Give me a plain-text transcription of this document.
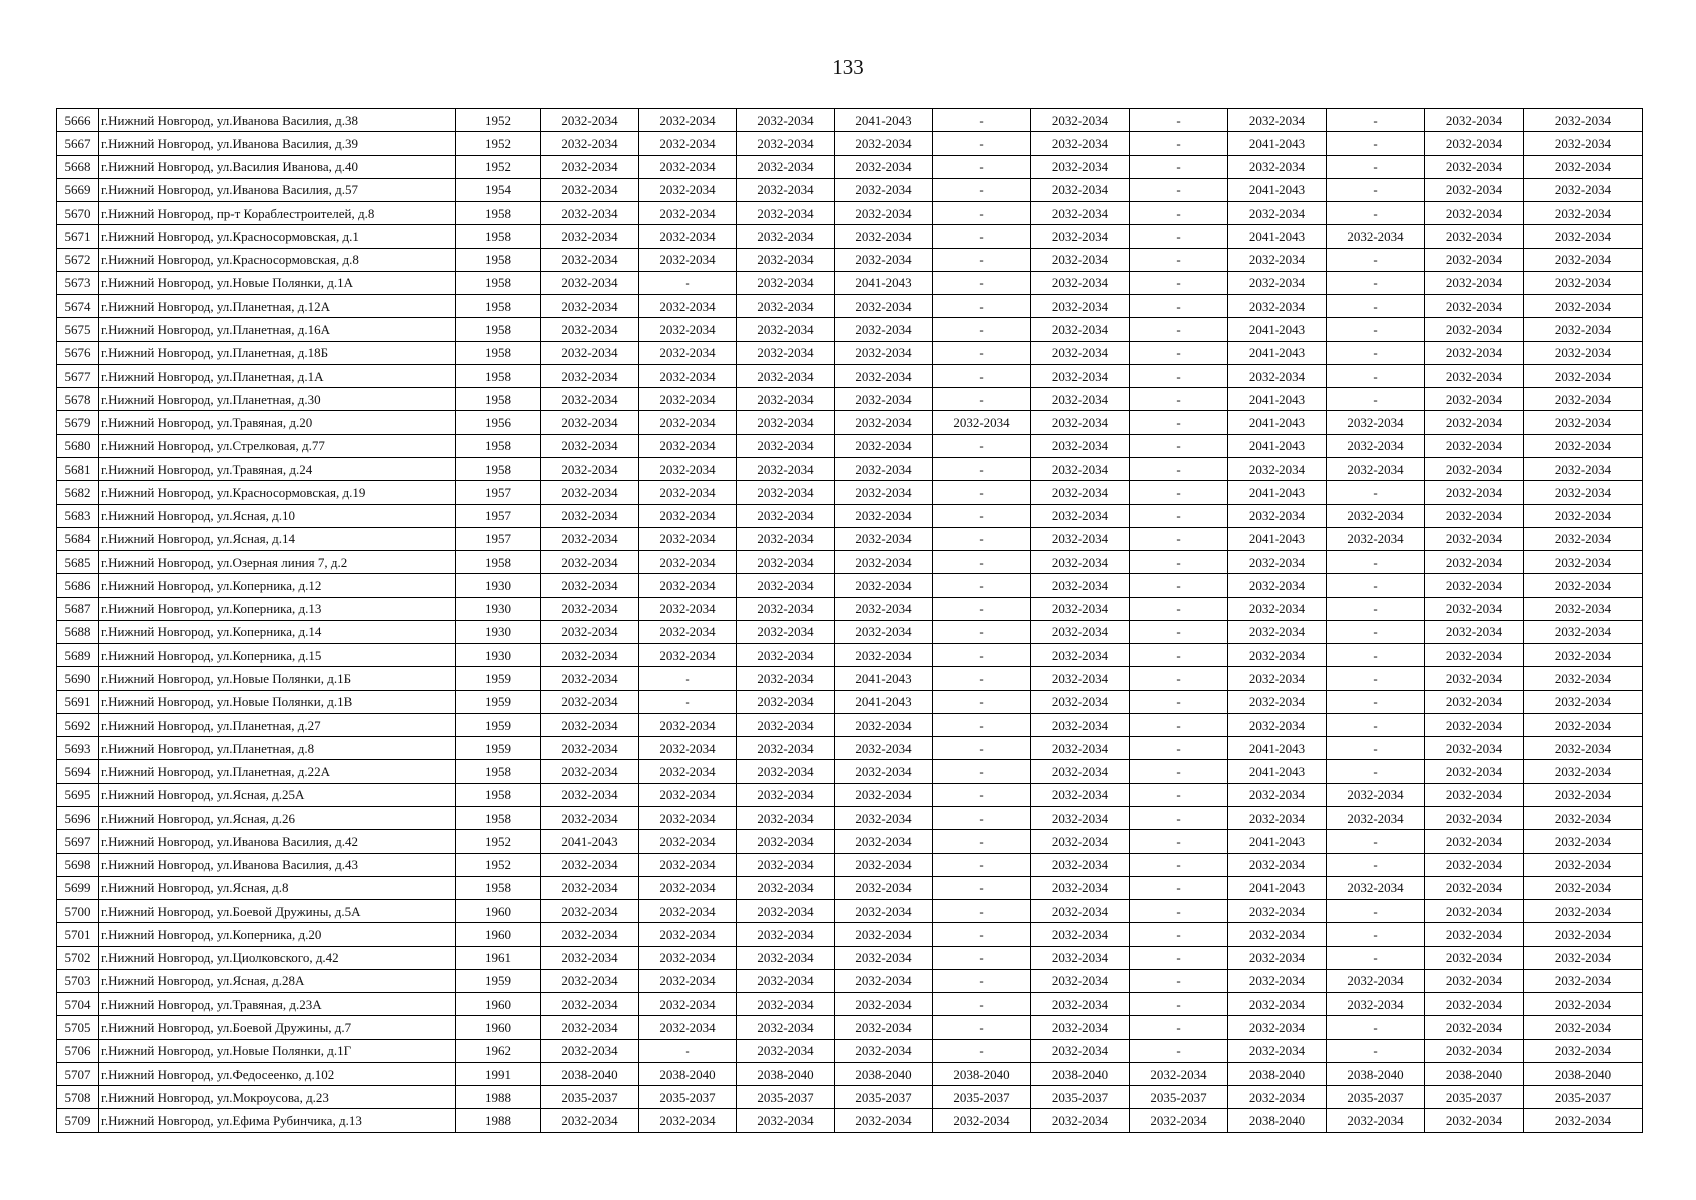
133
5666	г.Нижний Новгород, ул.Иванова Василия, д.38	1952	2032-2034	2032-2034	2032-2034	2041-2043	-	2032-2034	-	2032-2034	-	2032-2034	2032-2034
5667	г.Нижний Новгород, ул.Иванова Василия, д.39	1952	2032-2034	2032-2034	2032-2034	2032-2034	-	2032-2034	-	2041-2043	-	2032-2034	2032-2034
5668	г.Нижний Новгород, ул.Василия Иванова, д.40	1952	2032-2034	2032-2034	2032-2034	2032-2034	-	2032-2034	-	2032-2034	-	2032-2034	2032-2034
5669	г.Нижний Новгород, ул.Иванова Василия, д.57	1954	2032-2034	2032-2034	2032-2034	2032-2034	-	2032-2034	-	2041-2043	-	2032-2034	2032-2034
5670	г.Нижний Новгород, пр-т Кораблестроителей, д.8	1958	2032-2034	2032-2034	2032-2034	2032-2034	-	2032-2034	-	2032-2034	-	2032-2034	2032-2034
5671	г.Нижний Новгород, ул.Красносормовская, д.1	1958	2032-2034	2032-2034	2032-2034	2032-2034	-	2032-2034	-	2041-2043	2032-2034	2032-2034	2032-2034
5672	г.Нижний Новгород, ул.Красносормовская, д.8	1958	2032-2034	2032-2034	2032-2034	2032-2034	-	2032-2034	-	2032-2034	-	2032-2034	2032-2034
5673	г.Нижний Новгород, ул.Новые Полянки, д.1А	1958	2032-2034	-	2032-2034	2041-2043	-	2032-2034	-	2032-2034	-	2032-2034	2032-2034
5674	г.Нижний Новгород, ул.Планетная, д.12А	1958	2032-2034	2032-2034	2032-2034	2032-2034	-	2032-2034	-	2032-2034	-	2032-2034	2032-2034
5675	г.Нижний Новгород, ул.Планетная, д.16А	1958	2032-2034	2032-2034	2032-2034	2032-2034	-	2032-2034	-	2041-2043	-	2032-2034	2032-2034
5676	г.Нижний Новгород, ул.Планетная, д.18Б	1958	2032-2034	2032-2034	2032-2034	2032-2034	-	2032-2034	-	2041-2043	-	2032-2034	2032-2034
5677	г.Нижний Новгород, ул.Планетная, д.1А	1958	2032-2034	2032-2034	2032-2034	2032-2034	-	2032-2034	-	2032-2034	-	2032-2034	2032-2034
5678	г.Нижний Новгород, ул.Планетная, д.30	1958	2032-2034	2032-2034	2032-2034	2032-2034	-	2032-2034	-	2041-2043	-	2032-2034	2032-2034
5679	г.Нижний Новгород, ул.Травяная, д.20	1956	2032-2034	2032-2034	2032-2034	2032-2034	2032-2034	2032-2034	-	2041-2043	2032-2034	2032-2034	2032-2034
5680	г.Нижний Новгород, ул.Стрелковая, д.77	1958	2032-2034	2032-2034	2032-2034	2032-2034	-	2032-2034	-	2041-2043	2032-2034	2032-2034	2032-2034
5681	г.Нижний Новгород, ул.Травяная, д.24	1958	2032-2034	2032-2034	2032-2034	2032-2034	-	2032-2034	-	2032-2034	2032-2034	2032-2034	2032-2034
5682	г.Нижний Новгород, ул.Красносормовская, д.19	1957	2032-2034	2032-2034	2032-2034	2032-2034	-	2032-2034	-	2041-2043	-	2032-2034	2032-2034
5683	г.Нижний Новгород, ул.Ясная, д.10	1957	2032-2034	2032-2034	2032-2034	2032-2034	-	2032-2034	-	2032-2034	2032-2034	2032-2034	2032-2034
5684	г.Нижний Новгород, ул.Ясная, д.14	1957	2032-2034	2032-2034	2032-2034	2032-2034	-	2032-2034	-	2041-2043	2032-2034	2032-2034	2032-2034
5685	г.Нижний Новгород, ул.Озерная линия 7, д.2	1958	2032-2034	2032-2034	2032-2034	2032-2034	-	2032-2034	-	2032-2034	-	2032-2034	2032-2034
5686	г.Нижний Новгород, ул.Коперника, д.12	1930	2032-2034	2032-2034	2032-2034	2032-2034	-	2032-2034	-	2032-2034	-	2032-2034	2032-2034
5687	г.Нижний Новгород, ул.Коперника, д.13	1930	2032-2034	2032-2034	2032-2034	2032-2034	-	2032-2034	-	2032-2034	-	2032-2034	2032-2034
5688	г.Нижний Новгород, ул.Коперника, д.14	1930	2032-2034	2032-2034	2032-2034	2032-2034	-	2032-2034	-	2032-2034	-	2032-2034	2032-2034
5689	г.Нижний Новгород, ул.Коперника, д.15	1930	2032-2034	2032-2034	2032-2034	2032-2034	-	2032-2034	-	2032-2034	-	2032-2034	2032-2034
5690	г.Нижний Новгород, ул.Новые Полянки, д.1Б	1959	2032-2034	-	2032-2034	2041-2043	-	2032-2034	-	2032-2034	-	2032-2034	2032-2034
5691	г.Нижний Новгород, ул.Новые Полянки, д.1В	1959	2032-2034	-	2032-2034	2041-2043	-	2032-2034	-	2032-2034	-	2032-2034	2032-2034
5692	г.Нижний Новгород, ул.Планетная, д.27	1959	2032-2034	2032-2034	2032-2034	2032-2034	-	2032-2034	-	2032-2034	-	2032-2034	2032-2034
5693	г.Нижний Новгород, ул.Планетная, д.8	1959	2032-2034	2032-2034	2032-2034	2032-2034	-	2032-2034	-	2041-2043	-	2032-2034	2032-2034
5694	г.Нижний Новгород, ул.Планетная, д.22А	1958	2032-2034	2032-2034	2032-2034	2032-2034	-	2032-2034	-	2041-2043	-	2032-2034	2032-2034
5695	г.Нижний Новгород, ул.Ясная, д.25А	1958	2032-2034	2032-2034	2032-2034	2032-2034	-	2032-2034	-	2032-2034	2032-2034	2032-2034	2032-2034
5696	г.Нижний Новгород, ул.Ясная, д.26	1958	2032-2034	2032-2034	2032-2034	2032-2034	-	2032-2034	-	2032-2034	2032-2034	2032-2034	2032-2034
5697	г.Нижний Новгород, ул.Иванова Василия, д.42	1952	2041-2043	2032-2034	2032-2034	2032-2034	-	2032-2034	-	2041-2043	-	2032-2034	2032-2034
5698	г.Нижний Новгород, ул.Иванова Василия, д.43	1952	2032-2034	2032-2034	2032-2034	2032-2034	-	2032-2034	-	2032-2034	-	2032-2034	2032-2034
5699	г.Нижний Новгород, ул.Ясная, д.8	1958	2032-2034	2032-2034	2032-2034	2032-2034	-	2032-2034	-	2041-2043	2032-2034	2032-2034	2032-2034
5700	г.Нижний Новгород, ул.Боевой Дружины, д.5А	1960	2032-2034	2032-2034	2032-2034	2032-2034	-	2032-2034	-	2032-2034	-	2032-2034	2032-2034
5701	г.Нижний Новгород, ул.Коперника, д.20	1960	2032-2034	2032-2034	2032-2034	2032-2034	-	2032-2034	-	2032-2034	-	2032-2034	2032-2034
5702	г.Нижний Новгород, ул.Циолковского, д.42	1961	2032-2034	2032-2034	2032-2034	2032-2034	-	2032-2034	-	2032-2034	-	2032-2034	2032-2034
5703	г.Нижний Новгород, ул.Ясная, д.28А	1959	2032-2034	2032-2034	2032-2034	2032-2034	-	2032-2034	-	2032-2034	2032-2034	2032-2034	2032-2034
5704	г.Нижний Новгород, ул.Травяная, д.23А	1960	2032-2034	2032-2034	2032-2034	2032-2034	-	2032-2034	-	2032-2034	2032-2034	2032-2034	2032-2034
5705	г.Нижний Новгород, ул.Боевой Дружины, д.7	1960	2032-2034	2032-2034	2032-2034	2032-2034	-	2032-2034	-	2032-2034	-	2032-2034	2032-2034
5706	г.Нижний Новгород, ул.Новые Полянки, д.1Г	1962	2032-2034	-	2032-2034	2032-2034	-	2032-2034	-	2032-2034	-	2032-2034	2032-2034
5707	г.Нижний Новгород, ул.Федосеенко, д.102	1991	2038-2040	2038-2040	2038-2040	2038-2040	2038-2040	2038-2040	2032-2034	2038-2040	2038-2040	2038-2040	2038-2040
5708	г.Нижний Новгород, ул.Мокроусова, д.23	1988	2035-2037	2035-2037	2035-2037	2035-2037	2035-2037	2035-2037	2035-2037	2032-2034	2035-2037	2035-2037	2035-2037
5709	г.Нижний Новгород, ул.Ефима Рубинчика, д.13	1988	2032-2034	2032-2034	2032-2034	2032-2034	2032-2034	2032-2034	2032-2034	2038-2040	2032-2034	2032-2034	2032-2034
